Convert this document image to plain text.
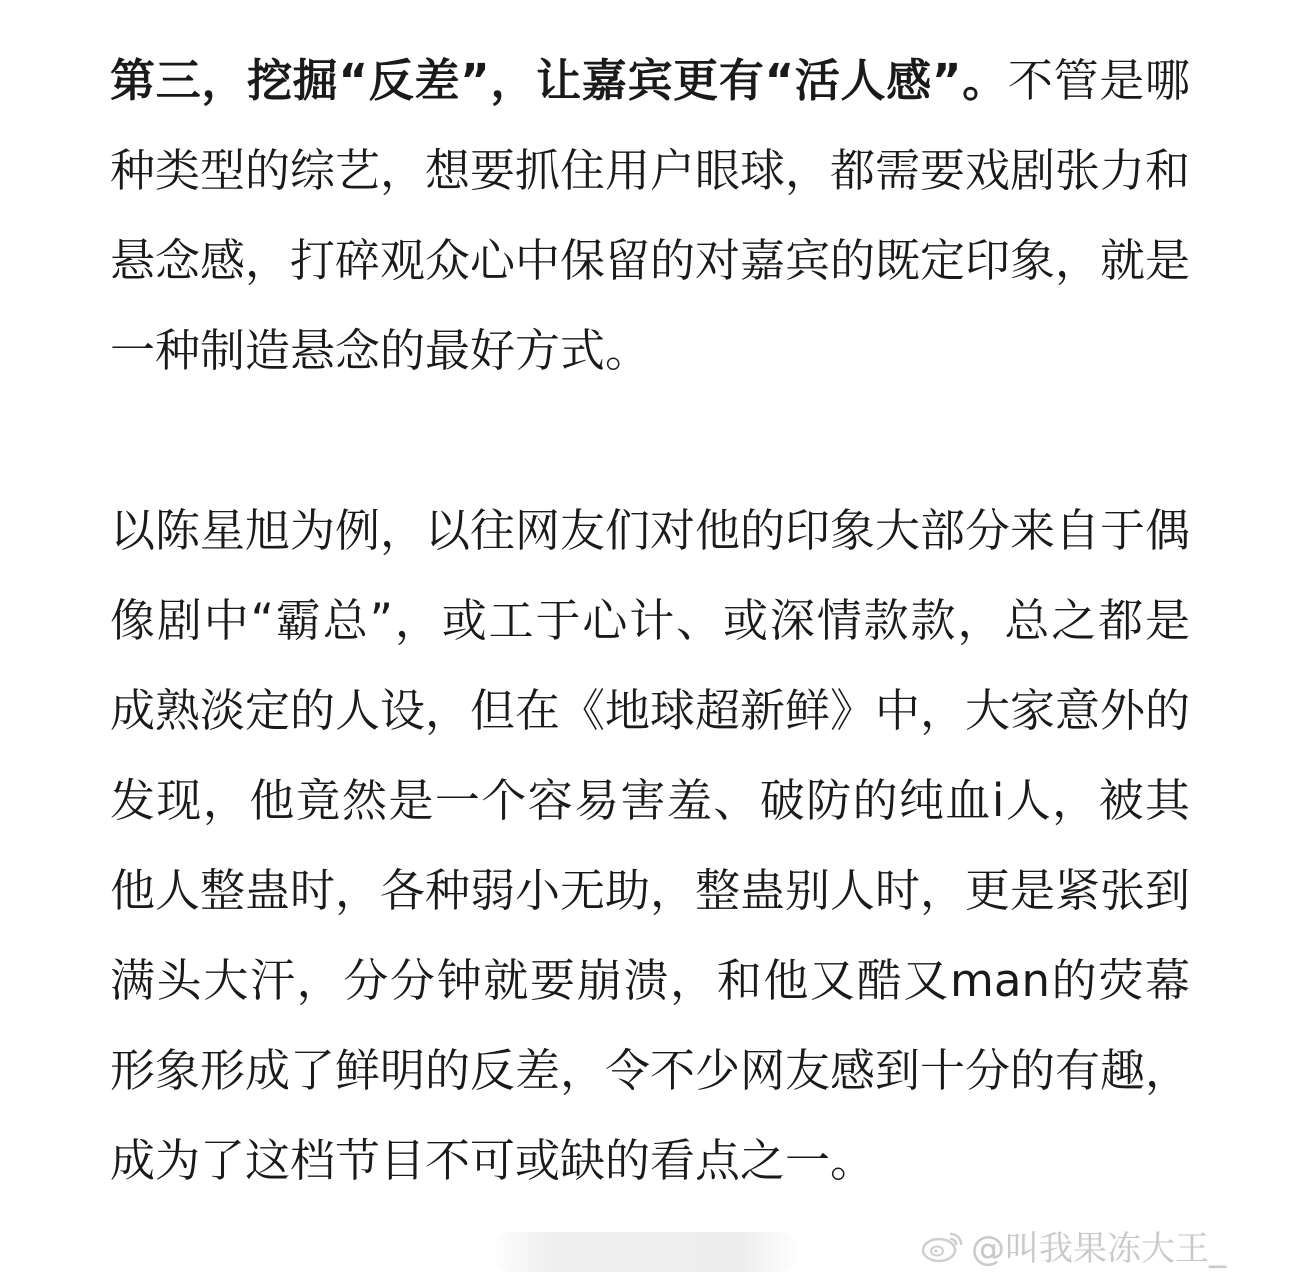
第三，挖掘“反差”，让嘉宾更有“活人感”。不管是哪种类型的综艺，想要抓住用户眼球，都需要戏剧张力和悬念感，打碎观众心中保留的对嘉宾的既定印象，就是一种制造悬念的最好方式。

以陈星旭为例，以往网友们对他的印象大部分来自于偶像剧中“霸总”，或工于心计、或深情款款，总之都是成熟淡定的人设，但在《地球超新鲜》中，大家意外的发现，他竟然是一个容易害羞、破防的纯血i人，被其他人整蛊时，各种弱小无助，整蛊别人时，更是紧张到满头大汗，分分钟就要崩溃，和他又酷又man的荧幕形象形成了鲜明的反差，令不少网友感到十分的有趣，成为了这档节目不可或缺的看点之一。

@叫我果冻大王_
